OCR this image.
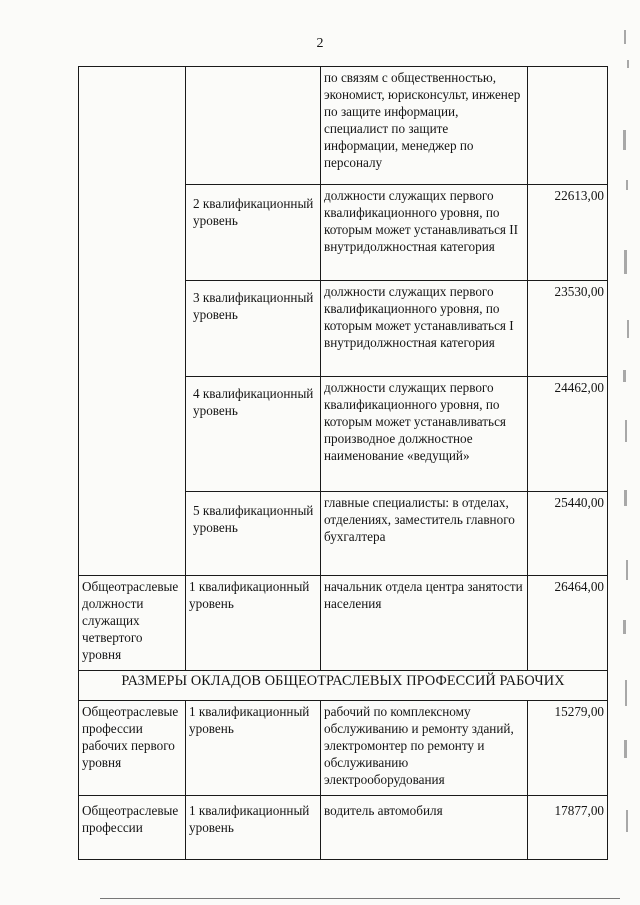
2
		по связям с общественностью, экономист, юрисконсульт, инженер по защите информации, специалист по защите информации, менеджер по персоналу	
	2 квалификационный уровень	должности служащих первого квалификационного уровня, по которым может устанавливаться II внутридолжностная категория	22613,00
	3 квалификационный уровень	должности служащих первого квалификационного уровня, по которым может устанавливаться I внутридолжностная категория	23530,00
	4 квалификационный уровень	должности служащих первого квалификационного уровня, по которым может устанавливаться производное должностное наименование «ведущий»	24462,00
	5 квалификационный уровень	главные специалисты: в отделах, отделениях, заместитель главного бухгалтера	25440,00
Общеотраслевые должности служащих четвертого уровня	1 квалификационный уровень	начальник отдела центра занятости населения	26464,00
РАЗМЕРЫ ОКЛАДОВ ОБЩЕОТРАСЛЕВЫХ ПРОФЕССИЙ РАБОЧИХ			
Общеотраслевые профессии рабочих первого уровня	1 квалификационный уровень	рабочий по комплексному обслуживанию и ремонту зданий, электромонтер по ремонту и обслуживанию электрооборудования	15279,00
Общеотраслевые профессии	1 квалификационный уровень	водитель автомобиля	17877,00
